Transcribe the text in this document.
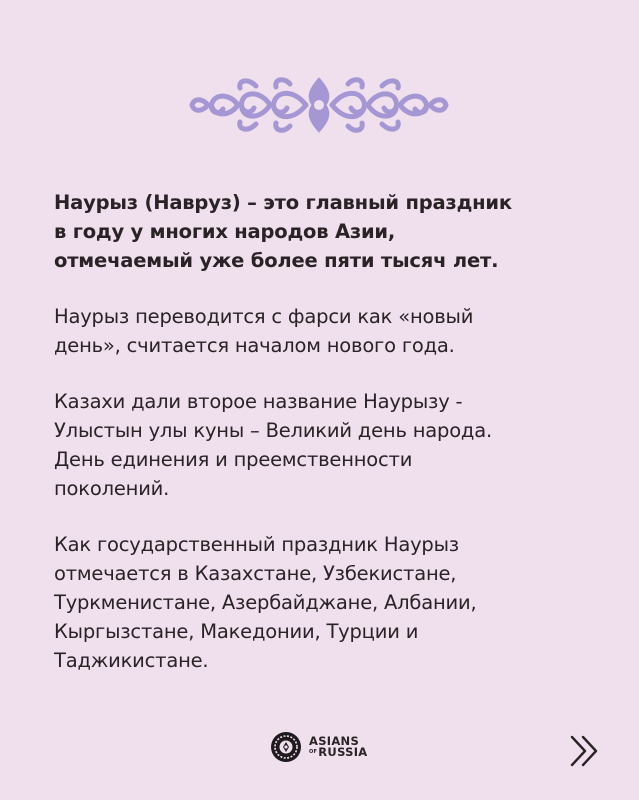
Наурыз (Навруз) – это главный праздник
в году у многих народов Азии,
отмечаемый уже более пяти тысяч лет.

Наурыз переводится с фарси как «новый
день», считается началом нового года.

Казахи дали второе название Наурызу -
Улыстын улы куны – Великий день народа.
День единения и преемственности
поколений.

Как государственный праздник Наурыз
отмечается в Казахстане, Узбекистане,
Туркменистане, Азербайджане, Албании,
Кыргызстане, Македонии, Турции и
Таджикистане.

ASIANS
$^{OF}$RUSSIA
